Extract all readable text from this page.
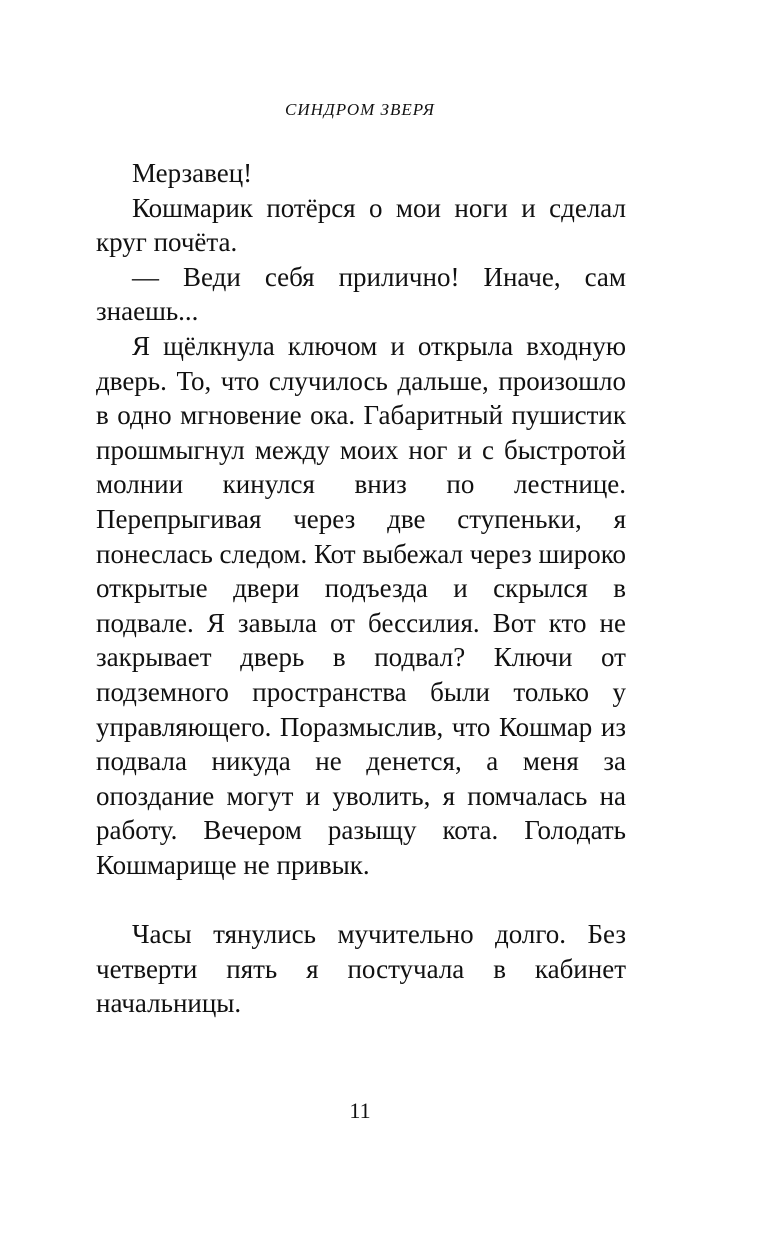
СИНДРОМ ЗВЕРЯ

Мерзавец!

Кошмарик потёрся о мои ноги и сделал круг почёта.

— Веди себя прилично! Иначе, сам знаешь...

Я щёлкнула ключом и открыла входную дверь. То, что случилось дальше, произошло в одно мгновение ока. Габаритный пушистик прошмыгнул между моих ног и с быстротой молнии кинулся вниз по лестнице. Перепрыгивая через две ступеньки, я понеслась следом. Кот выбежал через широко открытые двери подъезда и скрылся в подвале. Я завыла от бессилия. Вот кто не закрывает дверь в подвал? Ключи от подземного пространства были только у управляющего. Поразмыслив, что Кошмар из подвала никуда не денется, а меня за опоздание могут и уволить, я помчалась на работу. Вечером разыщу кота. Голодать Кошмарище не привык.

Часы тянулись мучительно долго. Без четверти пять я постучала в кабинет начальницы.

11
